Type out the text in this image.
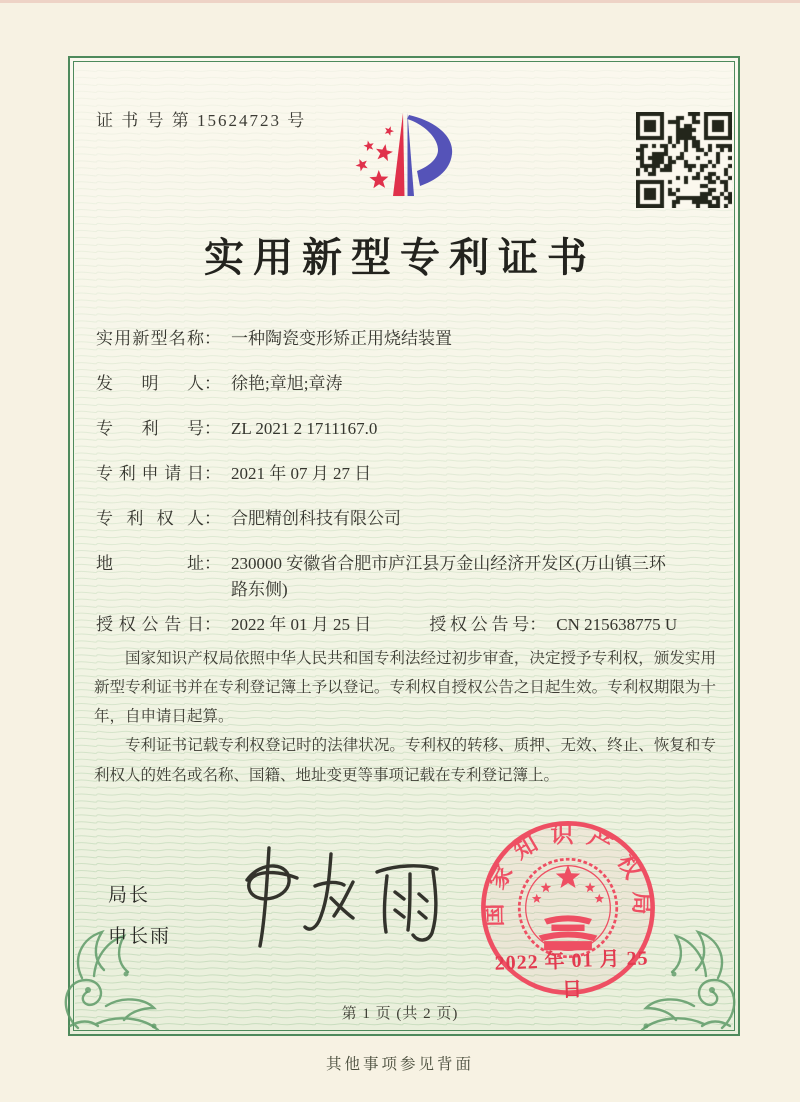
证 书 号 第 15624723 号
实用新型专利证书
实用新型名称 ： 一种陶瓷变形矫正用烧结装置
发明人 ： 徐艳;章旭;章涛
专利号 ： ZL 2021 2 1711167.0
专利申请日 ： 2021 年 07 月 27 日
专利权人 ： 合肥精创科技有限公司
地址 ： 230000 安徽省合肥市庐江县万金山经济开发区(万山镇三环路东侧)
授权公告日 ： 2022 年 01 月 25 日	授权公告号 ： CN 215638775 U

国家知识产权局依照中华人民共和国专利法经过初步审查，决定授予专利权，颁发实用新型专利证书并在专利登记簿上予以登记。专利权自授权公告之日起生效。专利权期限为十年，自申请日起算。

专利证书记载专利权登记时的法律状况。专利权的转移、质押、无效、终止、恢复和专利权人的姓名或名称、国籍、地址变更等事项记载在专利登记簿上。

局长
申长雨
国家知识产权局
2022 年 01 月 25 日
第 1 页 (共 2 页)
其他事项参见背面
